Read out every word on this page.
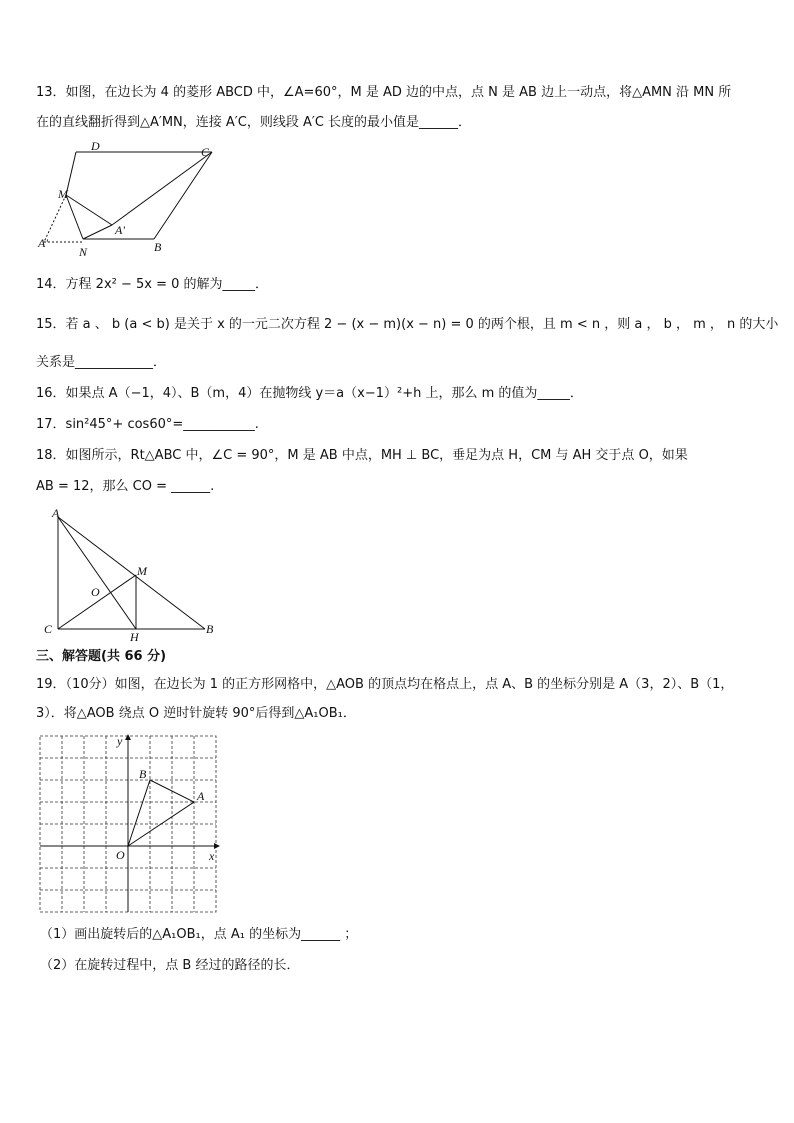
13．如图，在边长为 4 的菱形 ABCD 中，∠A=60°，M 是 AD 边的中点，点 N 是 AB 边上一动点，将△AMN 沿 MN 所
在的直线翻折得到△A′MN，连接 A′C，则线段 A′C 长度的最小值是______．
D	C
M
A'
A'
N	B
14．方程 2x² − 5x = 0 的解为_____．
15．若 a 、 b (a < b) 是关于 x 的一元二次方程 2 − (x − m)(x − n) = 0 的两个根，且 m < n ，则 a ， b ， m ， n 的大小
关系是____________．
16．如果点 A（−1，4）、B（m，4）在抛物线 y＝a（x−1）²+h 上，那么 m 的值为_____．
17．sin²45°+ cos60°=___________.
18．如图所示，Rt△ABC 中，∠C = 90°，M 是 AB 中点，MH ⊥ BC，垂足为点 H，CM 与 AH 交于点 O，如果
AB = 12，那么 CO = ______.
A
M
O
C
H
B
三、解答题(共 66 分)
19．（10分）如图，在边长为 1 的正方形网格中，△AOB 的顶点均在格点上，点 A、B 的坐标分别是 A（3，2）、B（1，
3）．将△AOB 绕点 O 逆时针旋转 90°后得到△A₁OB₁．
y
x
O
A
B
（1）画出旋转后的△A₁OB₁，点 A₁ 的坐标为______ ；
（2）在旋转过程中，点 B 经过的路径的长．
